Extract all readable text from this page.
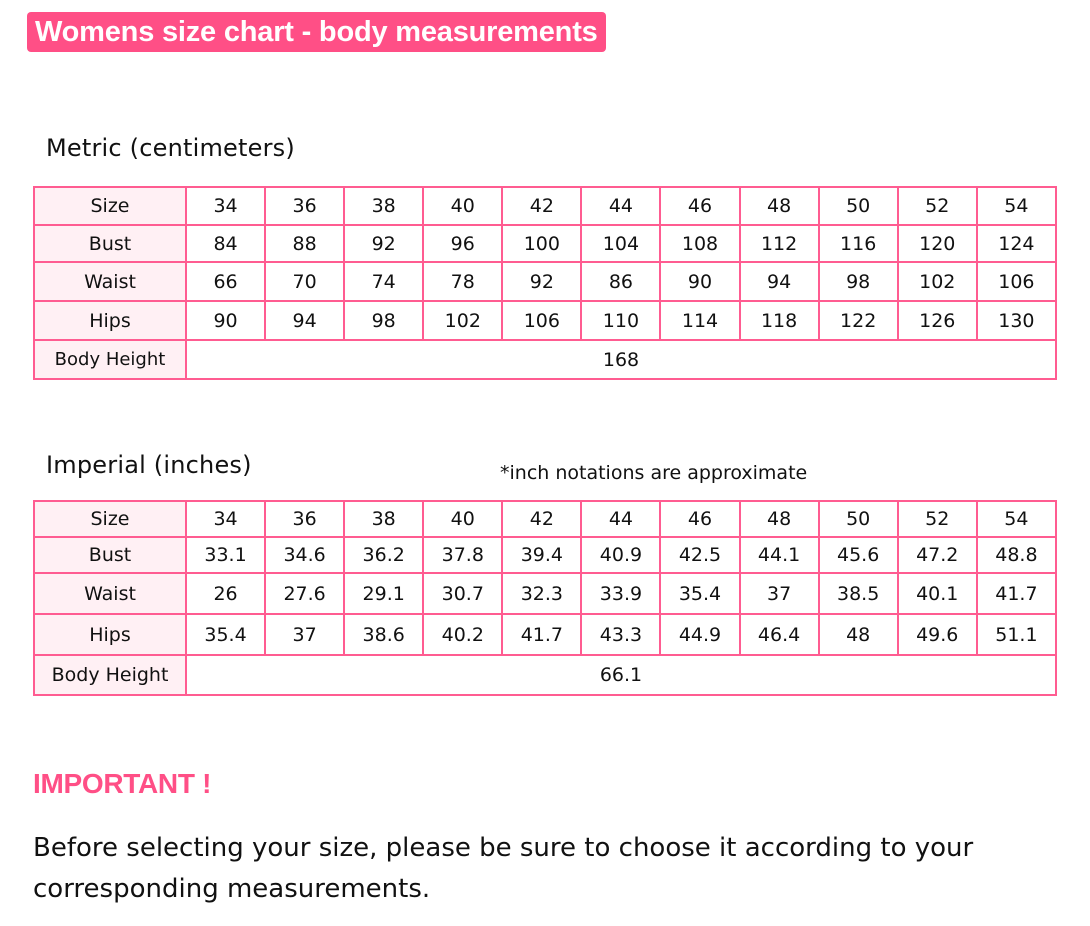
Womens size chart - body measurements
Metric (centimeters)
Size	34	36	38	40	42	44	46	48	50	52	54
Bust	84	88	92	96	100	104	108	112	116	120	124
Waist	66	70	74	78	92	86	90	94	98	102	106
Hips	90	94	98	102	106	110	114	118	122	126	130
Body Height	168										
Imperial (inches)	*inch notations are approximate
Size	34	36	38	40	42	44	46	48	50	52	54
Bust	33.1	34.6	36.2	37.8	39.4	40.9	42.5	44.1	45.6	47.2	48.8
Waist	26	27.6	29.1	30.7	32.3	33.9	35.4	37	38.5	40.1	41.7
Hips	35.4	37	38.6	40.2	41.7	43.3	44.9	46.4	48	49.6	51.1
Body Height	66.1										
IMPORTANT !
Before selecting your size, please be sure to choose it according to your corresponding measurements.
